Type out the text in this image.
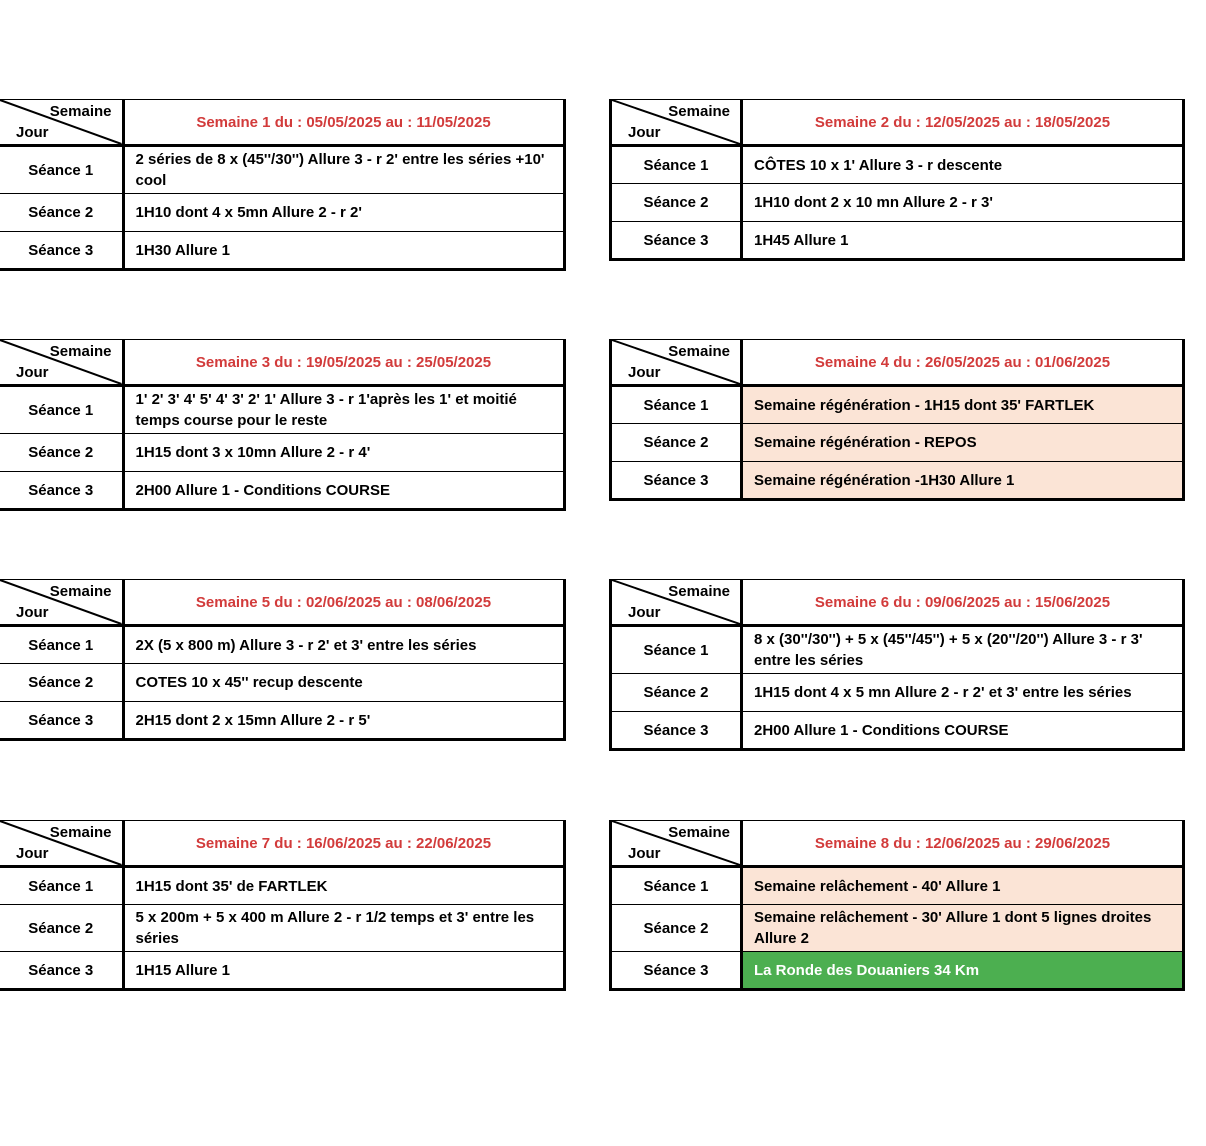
Semaine
Jour	Semaine 1 du : 05/05/2025 au : 11/05/2025
Séance 1	2 séries de 8 x (45''/30'') Allure 3 - r 2' entre les séries +10' cool
Séance 2	1H10 dont 4 x 5mn Allure 2 - r 2'
Séance 3	1H30 Allure 1
Semaine
Jour	Semaine 2 du : 12/05/2025 au : 18/05/2025
Séance 1	CÔTES 10 x 1' Allure 3 - r descente
Séance 2	1H10 dont 2 x 10 mn Allure 2 - r 3'
Séance 3	1H45 Allure 1
Semaine
Jour	Semaine 3 du : 19/05/2025 au : 25/05/2025
Séance 1	1' 2' 3' 4' 5' 4' 3' 2' 1' Allure 3 - r 1'après les 1' et moitié temps course pour le reste
Séance 2	1H15 dont 3 x 10mn Allure 2 - r 4'
Séance 3	2H00 Allure 1 - Conditions COURSE
Semaine
Jour	Semaine 4 du : 26/05/2025 au : 01/06/2025
Séance 1	Semaine régénération - 1H15 dont 35' FARTLEK
Séance 2	Semaine régénération - REPOS
Séance 3	Semaine régénération -1H30 Allure 1
Semaine
Jour	Semaine 5 du : 02/06/2025 au : 08/06/2025
Séance 1	2X (5 x 800 m) Allure 3 - r 2' et 3' entre les séries
Séance 2	COTES 10 x 45'' recup descente
Séance 3	2H15 dont 2 x 15mn Allure 2 - r 5'
Semaine
Jour	Semaine 6 du : 09/06/2025 au : 15/06/2025
Séance 1	8 x (30''/30'') + 5 x (45''/45'') + 5 x (20''/20'') Allure 3 - r 3' entre les séries
Séance 2	1H15 dont 4 x 5 mn Allure 2 - r 2' et 3' entre les séries
Séance 3	2H00 Allure 1 - Conditions COURSE
Semaine
Jour	Semaine 7 du : 16/06/2025 au : 22/06/2025
Séance 1	1H15 dont 35' de FARTLEK
Séance 2	5 x 200m + 5 x 400 m Allure 2 - r 1/2 temps et 3' entre les séries
Séance 3	1H15 Allure 1
Semaine
Jour	Semaine 8 du : 12/06/2025 au : 29/06/2025
Séance 1	Semaine relâchement - 40' Allure 1
Séance 2	Semaine relâchement - 30' Allure 1 dont 5 lignes droites Allure 2
Séance 3	La Ronde des Douaniers 34 Km
